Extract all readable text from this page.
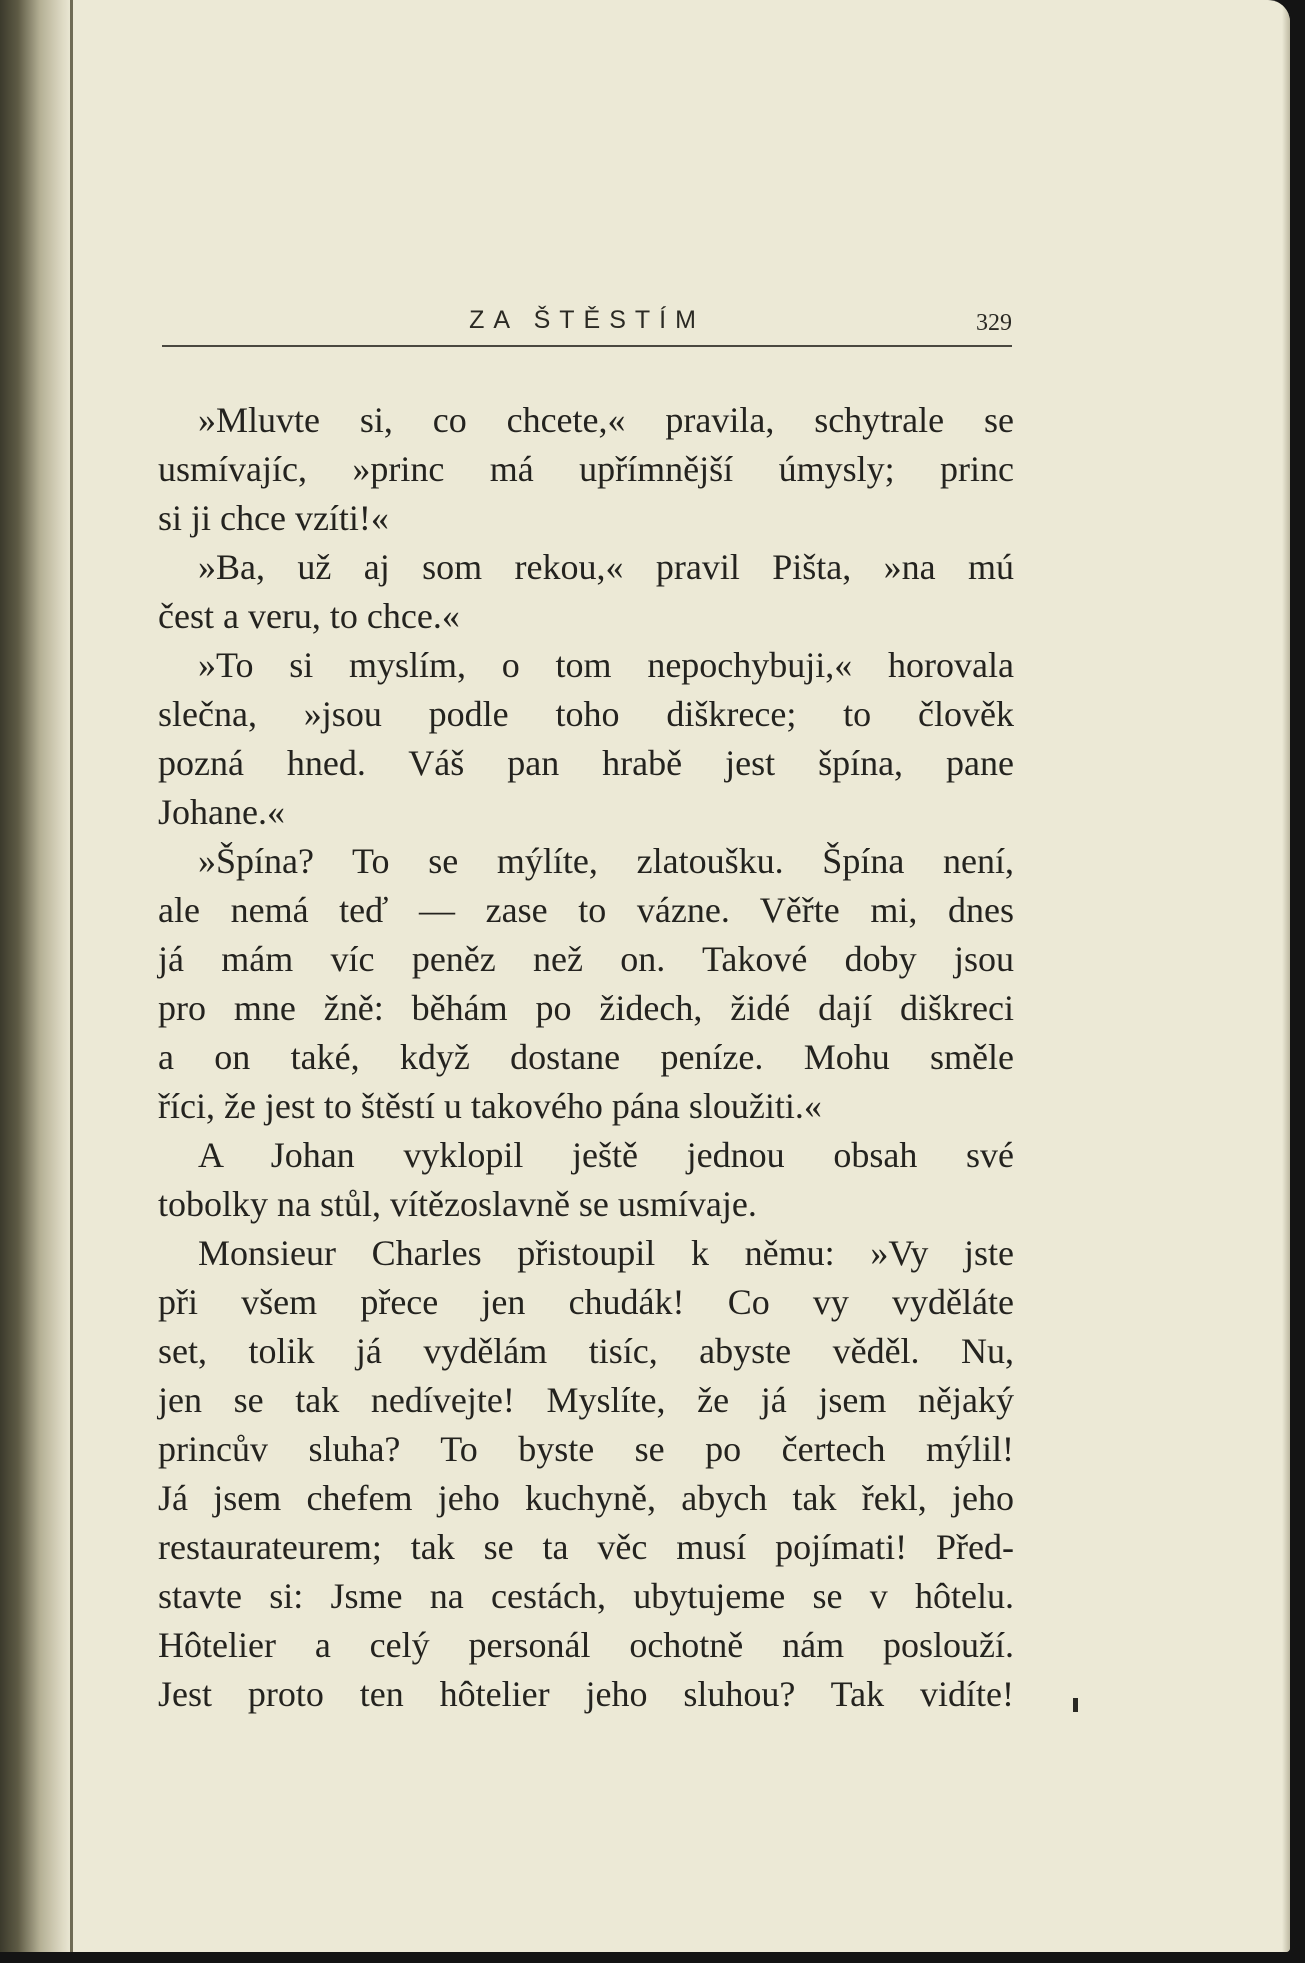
ZA ŠTĚSTÍM	329
»Mluvte si, co chcete,« pravila, schytrale se
usmívajíc, »princ má upřímnější úmysly; princ
si ji chce vzíti!«
»Ba, už aj som rekou,« pravil Pišta, »na mú
čest a veru, to chce.«
»To si myslím, o tom nepochybuji,« horovala
slečna, »jsou podle toho diškrece; to člověk
pozná hned. Váš pan hrabě jest špína, pane
Johane.«
»Špína? To se mýlíte, zlatoušku. Špína není,
ale nemá teď — zase to vázne. Věřte mi, dnes
já mám víc peněz než on. Takové doby jsou
pro mne žně: běhám po židech, židé dají diškreci
a on také, když dostane peníze. Mohu směle
říci, že jest to štěstí u takového pána sloužiti.«
A Johan vyklopil ještě jednou obsah své
tobolky na stůl, vítězoslavně se usmívaje.
Monsieur Charles přistoupil k němu: »Vy jste
při všem přece jen chudák! Co vy vyděláte
set, tolik já vydělám tisíc, abyste věděl. Nu,
jen se tak nedívejte! Myslíte, že já jsem nějaký
princův sluha? To byste se po čertech mýlil!
Já jsem chefem jeho kuchyně, abych tak řekl, jeho
restaurateurem; tak se ta věc musí pojímati! Před-
stavte si: Jsme na cestách, ubytujeme se v hôtelu.
Hôtelier a celý personál ochotně nám poslouží.
Jest proto ten hôtelier jeho sluhou? Tak vidíte!
